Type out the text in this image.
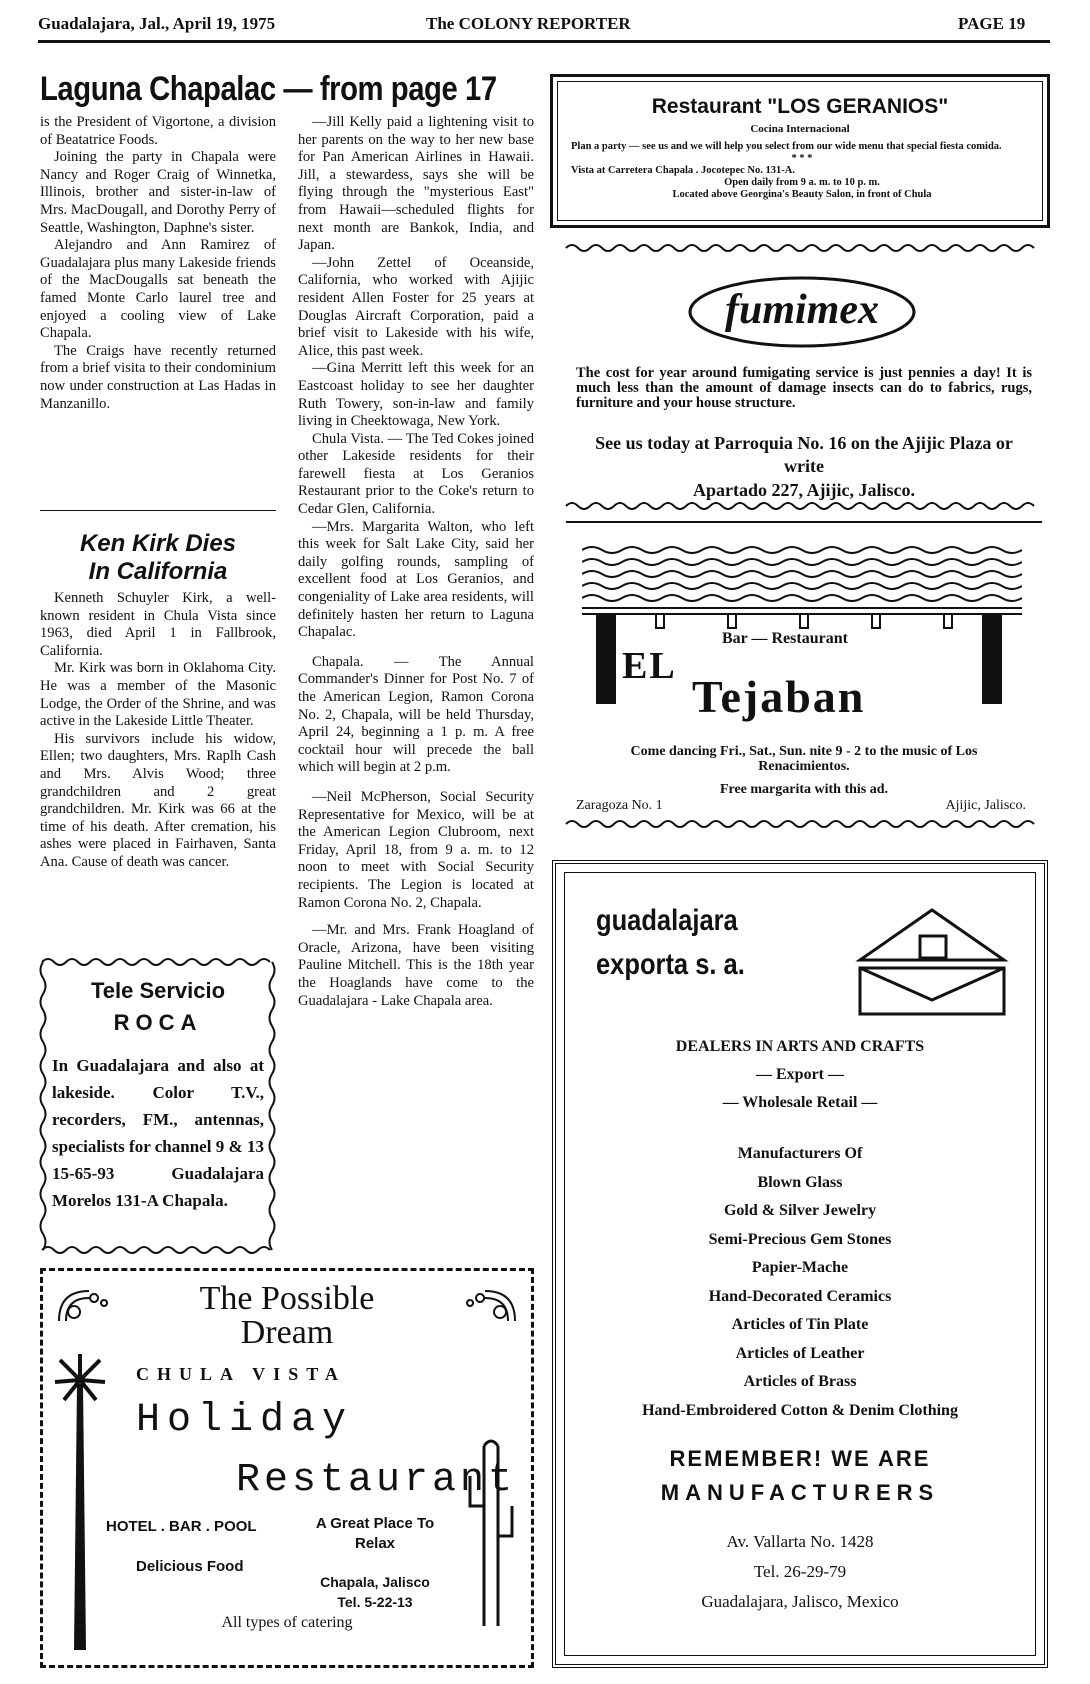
Guadalajara, Jal., April 19, 1975	The COLONY REPORTER	PAGE 19
Laguna Chapalac — from page 17

is the President of Vigortone, a division of Beatatrice Foods.

Joining the party in Chapala were Nancy and Roger Craig of Winnetka, Illinois, brother and sister-in-law of Mrs. MacDougall, and Dorothy Perry of Seattle, Washington, Daphne's sister.

Alejandro and Ann Ramirez of Guadalajara plus many Lakeside friends of the MacDougalls sat beneath the famed Monte Carlo laurel tree and enjoyed a cooling view of Lake Chapala.

The Craigs have recently returned from a brief visita to their condominium now under construction at Las Hadas in Manzanillo.

Ken Kirk Dies
In California

Kenneth Schuyler Kirk, a well-known resident in Chula Vista since 1963, died April 1 in Fallbrook, California.

Mr. Kirk was born in Oklahoma City. He was a member of the Masonic Lodge, the Order of the Shrine, and was active in the Lakeside Little Theater.

His survivors include his widow, Ellen; two daughters, Mrs. Raplh Cash and Mrs. Alvis Wood; three grandchildren and 2 great grandchildren. Mr. Kirk was 66 at the time of his death. After cremation, his ashes were placed in Fairhaven, Santa Ana. Cause of death was cancer.

Tele Servicio
ROCA
In Guadalajara and also at lakeside. Color T.V., recorders, FM., antennas, specialists for channel 9 & 13 15-65-93 Guadalajara Morelos 131-A Chapala.

—Jill Kelly paid a lightening visit to her parents on the way to her new base for Pan American Airlines in Hawaii. Jill, a stewardess, says she will be flying through the "mysterious East" from Hawaii—scheduled flights for next month are Bankok, India, and Japan.

—John Zettel of Oceanside, California, who worked with Ajijic resident Allen Foster for 25 years at Douglas Aircraft Corporation, paid a brief visit to Lakeside with his wife, Alice, this past week.

—Gina Merritt left this week for an Eastcoast holiday to see her daughter Ruth Towery, son-in-law and family living in Cheektowaga, New York.

Chula Vista. — The Ted Cokes joined other Lakeside residents for their farewell fiesta at Los Geranios Restaurant prior to the Coke's return to Cedar Glen, California.

—Mrs. Margarita Walton, who left this week for Salt Lake City, said her daily golfing rounds, sampling of excellent food at Los Geranios, and congeniality of Lake area residents, will definitely hasten her return to Laguna Chapalac.

Chapala. — The Annual Commander's Dinner for Post No. 7 of the American Legion, Ramon Corona No. 2, Chapala, will be held Thursday, April 24, beginning a 1 p. m. A free cocktail hour will precede the ball which will begin at 2 p.m.

—Neil McPherson, Social Security Representative for Mexico, will be at the American Legion Clubroom, next Friday, April 18, from 9 a. m. to 12 noon to meet with Social Security recipients. The Legion is located at Ramon Corona No. 2, Chapala.

—Mr. and Mrs. Frank Hoagland of Oracle, Arizona, have been visiting Pauline Mitchell. This is the 18th year the Hoaglands have come to the Guadalajara - Lake Chapala area.

The Possible
Dream
CHULA VISTA
Holiday
Restaurant
HOTEL . BAR . POOL	A Great Place To Relax
Delicious Food
Chapala, Jalisco
Tel. 5-22-13
All types of catering
Restaurant "LOS GERANIOS"
Cocina Internacional
Plan a party — see us and we will help you select from our wide menu that special fiesta comida.
* * *
Vista at Carretera Chapala . Jocotepec No. 131-A.
Open daily from 9 a. m. to 10 p. m.
Located above Georgina's Beauty Salon, in front of Chula
fumimex
The cost for year around fumigating service is just pennies a day! It is much less than the amount of damage insects can do to fabrics, rugs, furniture and your house structure.
See us today at Parroquia No. 16 on the Ajijic Plaza or write
Apartado 227, Ajijic, Jalisco.
Bar — Restaurant
EL
Tejaban
Come dancing Fri., Sat., Sun. nite 9 - 2 to the music of Los Renacimientos.
Free margarita with this ad.
Zaragoza No. 1	Ajijic, Jalisco.
guadalajara
exporta s. a.
DEALERS IN ARTS AND CRAFTS
— Export —
— Wholesale Retail —
Manufacturers Of
Blown Glass
Gold & Silver Jewelry
Semi-Precious Gem Stones
Papier-Mache
Hand-Decorated Ceramics
Articles of Tin Plate
Articles of Leather
Articles of Brass
Hand-Embroidered Cotton & Denim Clothing
REMEMBER! WE ARE
MANUFACTURERS
Av. Vallarta No. 1428
Tel. 26-29-79
Guadalajara, Jalisco, Mexico
